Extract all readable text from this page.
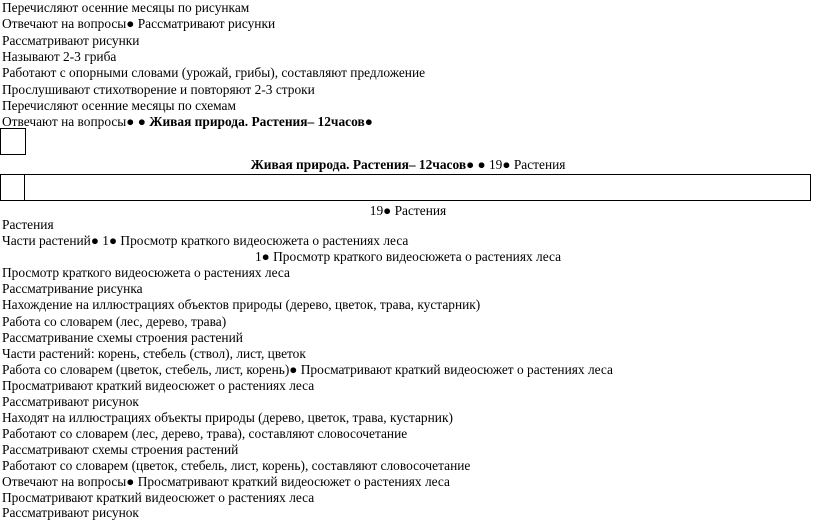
Перечисляют осенние месяцы по рисункам
Отвечают на вопросы● Рассматривают рисунки
Рассматривают рисунки
Называют 2-3 гриба
Работают с опорными словами (урожай, грибы), составляют предложение
Прослушивают стихотворение и повторяют 2-3 строки
Перечисляют осенние месяцы по схемам
Отвечают на вопросы● ● Живая природа. Растения– 12часов●
Живая природа. Растения– 12часов● ● 19● Растения
19● Растения
Растения
Части растений● 1● Просмотр краткого видеосюжета о растениях леса
1● Просмотр краткого видеосюжета о растениях леса
Просмотр краткого видеосюжета о растениях леса
Рассматривание рисунка
Нахождение на иллюстрациях объектов природы (дерево, цветок, трава, кустарник)
Работа со словарем (лес, дерево, трава)
Рассматривание схемы строения растений
Части растений: корень, стебель (ствол), лист, цветок
Работа со словарем (цветок, стебель, лист, корень)● Просматривают краткий видеосюжет о растениях леса
Просматривают краткий видеосюжет о растениях леса
Рассматривают рисунок
Находят на иллюстрациях объекты природы (дерево, цветок, трава, кустарник)
Работают со словарем (лес, дерево, трава), составляют словосочетание
Рассматривают схемы строения растений
Работают со словарем (цветок, стебель, лист, корень), составляют словосочетание
Отвечают на вопросы● Просматривают краткий видеосюжет о растениях леса
Просматривают краткий видеосюжет о растениях леса
Рассматривают рисунок
